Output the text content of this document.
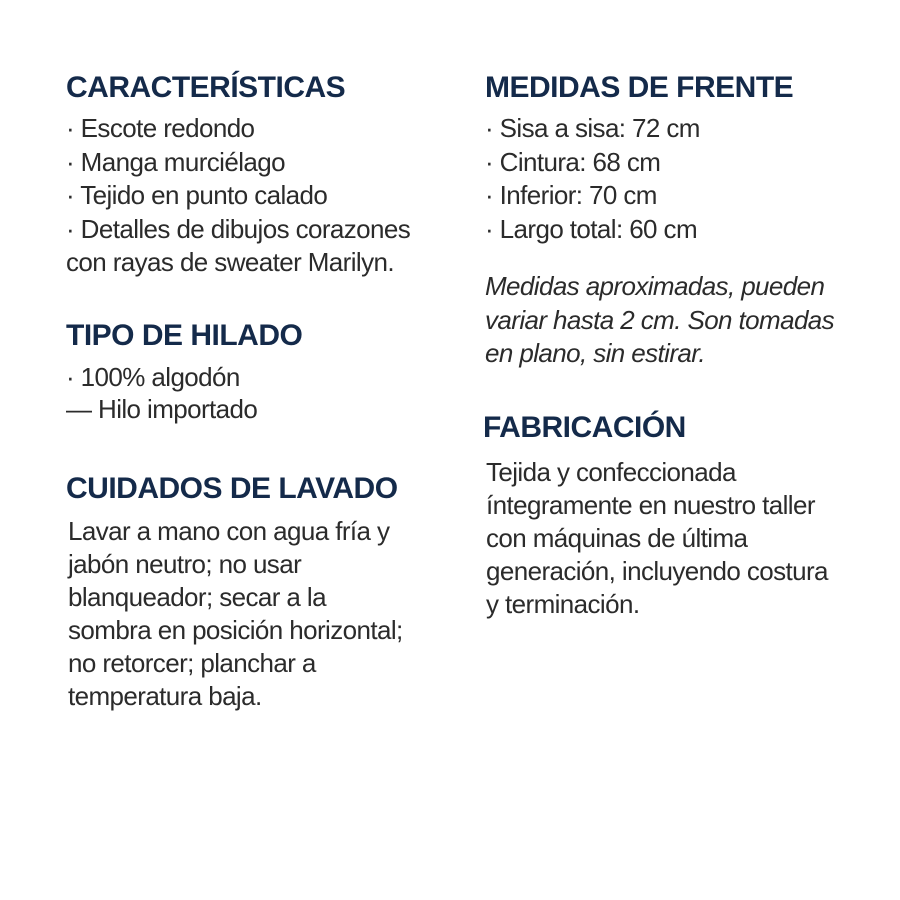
CARACTERÍSTICAS
· Escote redondo
· Manga murciélago
· Tejido en punto calado
· Detalles de dibujos corazones
con rayas de sweater Marilyn.
TIPO DE HILADO
· 100% algodón
— Hilo importado
CUIDADOS DE LAVADO
Lavar a mano con agua fría y
jabón neutro; no usar
blanqueador; secar a la
sombra en posición horizontal;
no retorcer; planchar a
temperatura baja.
MEDIDAS DE FRENTE
· Sisa a sisa: 72 cm
· Cintura: 68 cm
· Inferior: 70 cm
· Largo total: 60 cm
Medidas aproximadas, pueden
variar hasta 2 cm. Son tomadas
en plano, sin estirar.
FABRICACIÓN
Tejida y confeccionada
íntegramente en nuestro taller
con máquinas de última
generación, incluyendo costura
y terminación.
